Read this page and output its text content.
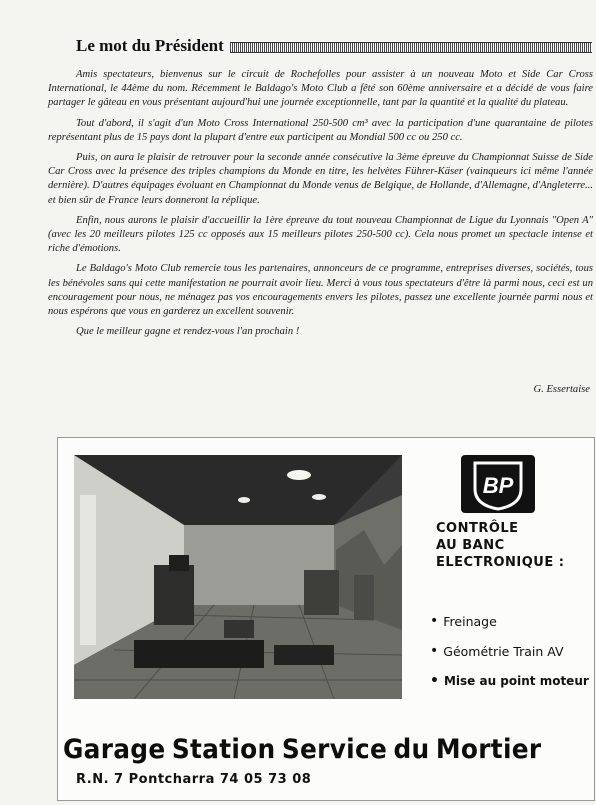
Le mot du Président

Amis spectateurs, bienvenus sur le circuit de Rochefolles pour assister à un nouveau Moto et Side Car Cross International, le 44ème du nom. Récemment le Baldago's Moto Club a fêté son 60ème anniversaire et a décidé de vous faire partager le gâteau en vous présentant aujourd'hui une journée exceptionnelle, tant par la quantité et la qualité du plateau.

Tout d'abord, il s'agit d'un Moto Cross International 250-500 cm³ avec la participation d'une quarantaine de pilotes représentant plus de 15 pays dont la plupart d'entre eux participent au Mondial 500 cc ou 250 cc.

Puis, on aura le plaisir de retrouver pour la seconde année consécutive la 3ème épreuve du Championnat Suisse de Side Car Cross avec la présence des triples champions du Monde en titre, les helvètes Führer-Käser (vainqueurs ici même l'année dernière). D'autres équipages évoluant en Championnat du Monde venus de Belgique, de Hollande, d'Allemagne, d'Angleterre... et bien sûr de France leurs donneront la réplique.

Enfin, nous aurons le plaisir d'accueillir la 1ère épreuve du tout nouveau Championnat de Ligue du Lyonnais "Open A" (avec les 20 meilleurs pilotes 125 cc opposés aux 15 meilleurs pilotes 250-500 cc). Cela nous promet un spectacle intense et riche d'émotions.

Le Baldago's Moto Club remercie tous les partenaires, annonceurs de ce programme, entreprises diverses, sociétés, tous les bénévoles sans qui cette manifestation ne pourrait avoir lieu. Merci à vous tous spectateurs d'être là parmi nous, ceci est un encouragement pour nous, ne ménagez pas vos encouragements envers les pilotes, passez une excellente journée parmi nous et nous espérons que vous en garderez un excellent souvenir.

Que le meilleur gagne et rendez-vous l'an prochain !

G. Essertaise
BP
CONTRÔLE
AU BANC
ELECTRONIQUE :
• Freinage
• Géométrie Train AV
• Mise au point moteur
Garage Station Service du Mortier
R.N. 7 Pontcharra 74 05 73 08
